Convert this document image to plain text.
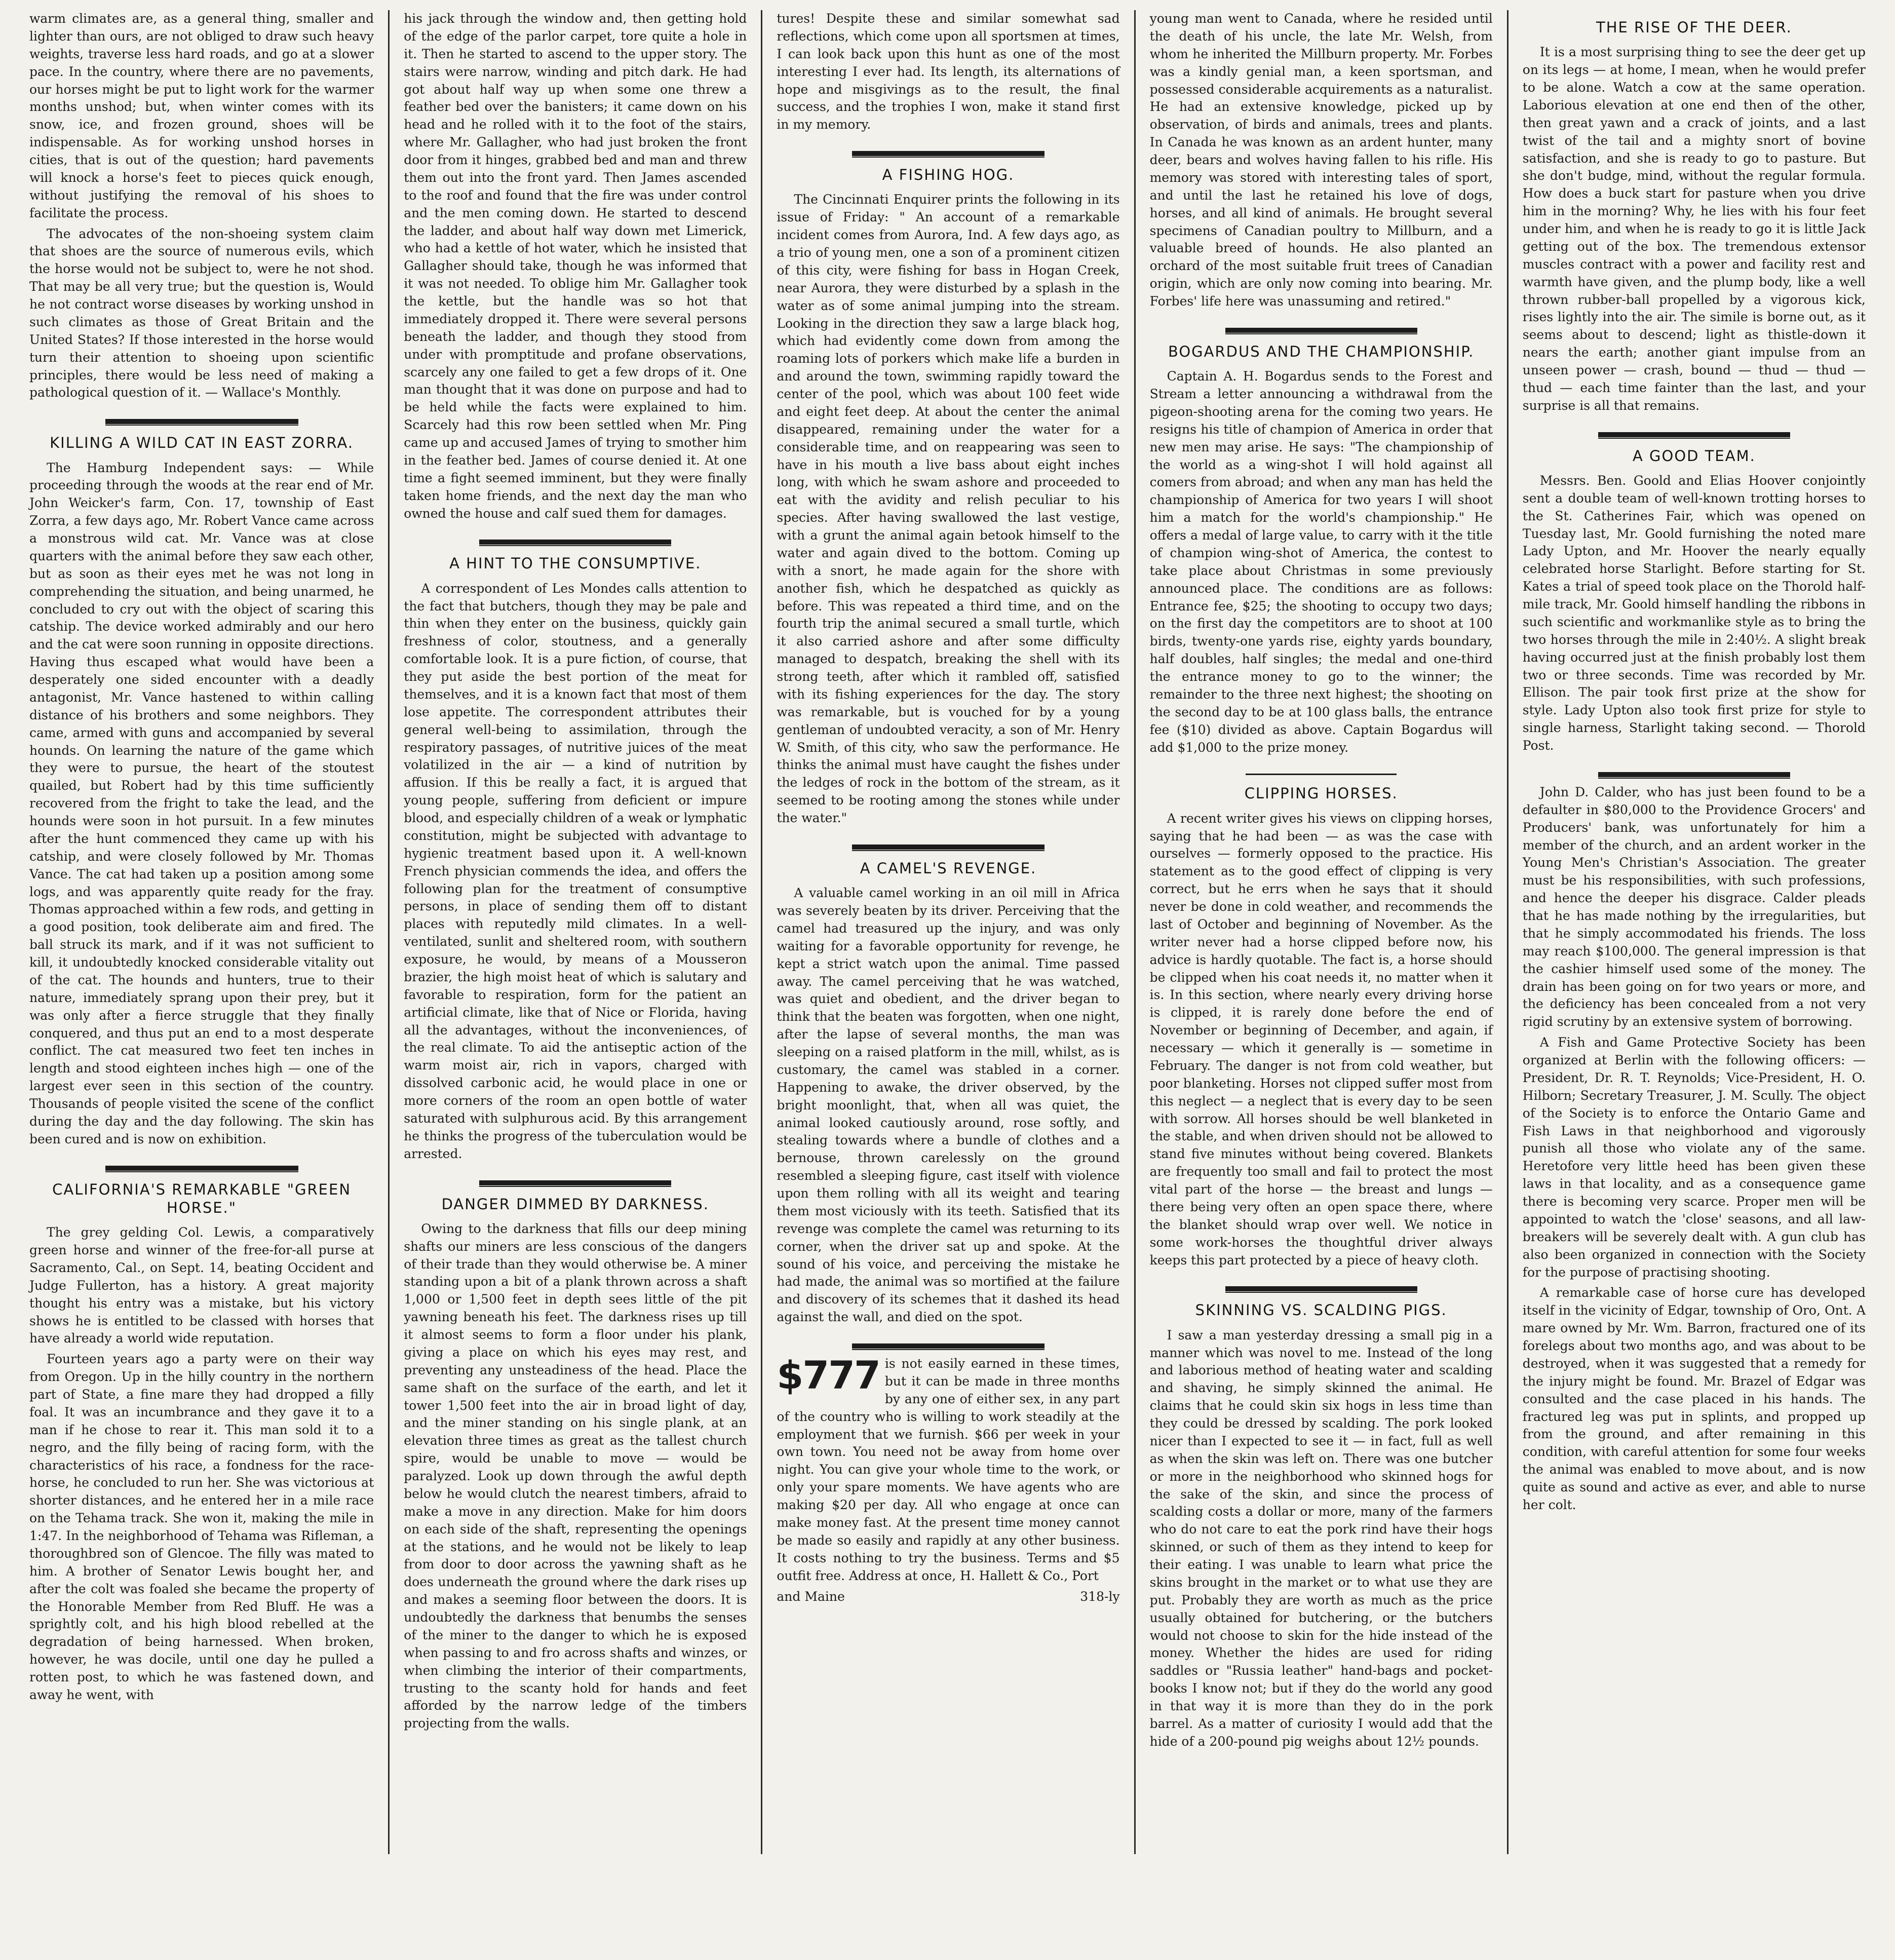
warm climates are, as a general thing, smaller and lighter than ours, are not obliged to draw such heavy weights, traverse less hard roads, and go at a slower pace. In the country, where there are no pavements, our horses might be put to light work for the warmer months unshod; but, when winter comes with its snow, ice, and frozen ground, shoes will be indispensable. As for working unshod horses in cities, that is out of the question; hard pavements will knock a horse's feet to pieces quick enough, without justifying the removal of his shoes to facilitate the process.

The advocates of the non-shoeing system claim that shoes are the source of numerous evils, which the horse would not be subject to, were he not shod. That may be all very true; but the question is, Would he not contract worse diseases by working unshod in such climates as those of Great Britain and the United States? If those interested in the horse would turn their attention to shoeing upon scientific principles, there would be less need of making a pathological question of it. — Wallace's Monthly.

KILLING A WILD CAT IN EAST ZORRA.

The Hamburg Independent says: — While proceeding through the woods at the rear end of Mr. John Weicker's farm, Con. 17, township of East Zorra, a few days ago, Mr. Robert Vance came across a monstrous wild cat. Mr. Vance was at close quarters with the animal before they saw each other, but as soon as their eyes met he was not long in comprehending the situation, and being unarmed, he concluded to cry out with the object of scaring this catship. The device worked admirably and our hero and the cat were soon running in opposite directions. Having thus escaped what would have been a desperately one sided encounter with a deadly antagonist, Mr. Vance hastened to within calling distance of his brothers and some neighbors. They came, armed with guns and accompanied by several hounds. On learning the nature of the game which they were to pursue, the heart of the stoutest quailed, but Robert had by this time sufficiently recovered from the fright to take the lead, and the hounds were soon in hot pursuit. In a few minutes after the hunt commenced they came up with his catship, and were closely followed by Mr. Thomas Vance. The cat had taken up a position among some logs, and was apparently quite ready for the fray. Thomas approached within a few rods, and getting in a good position, took deliberate aim and fired. The ball struck its mark, and if it was not sufficient to kill, it undoubtedly knocked considerable vitality out of the cat. The hounds and hunters, true to their nature, immediately sprang upon their prey, but it was only after a fierce struggle that they finally conquered, and thus put an end to a most desperate conflict. The cat measured two feet ten inches in length and stood eighteen inches high — one of the largest ever seen in this section of the country. Thousands of people visited the scene of the conflict during the day and the day following. The skin has been cured and is now on exhibition.

CALIFORNIA'S REMARKABLE "GREEN HORSE."

The grey gelding Col. Lewis, a comparatively green horse and winner of the free-for-all purse at Sacramento, Cal., on Sept. 14, beating Occident and Judge Fullerton, has a history. A great majority thought his entry was a mistake, but his victory shows he is entitled to be classed with horses that have already a world wide reputation.

Fourteen years ago a party were on their way from Oregon. Up in the hilly country in the northern part of State, a fine mare they had dropped a filly foal. It was an incumbrance and they gave it to a man if he chose to rear it. This man sold it to a negro, and the filly being of racing form, with the characteristics of his race, a fondness for the race-horse, he concluded to run her. She was victorious at shorter distances, and he entered her in a mile race on the Tehama track. She won it, making the mile in 1:47. In the neighborhood of Tehama was Rifleman, a thoroughbred son of Glencoe. The filly was mated to him. A brother of Senator Lewis bought her, and after the colt was foaled she became the property of the Honorable Member from Red Bluff. He was a sprightly colt, and his high blood rebelled at the degradation of being harnessed. When broken, however, he was docile, until one day he pulled a rotten post, to which he was fastened down, and away he went, with

his jack through the window and, then getting hold of the edge of the parlor carpet, tore quite a hole in it. Then he started to ascend to the upper story. The stairs were narrow, winding and pitch dark. He had got about half way up when some one threw a feather bed over the banisters; it came down on his head and he rolled with it to the foot of the stairs, where Mr. Gallagher, who had just broken the front door from it hinges, grabbed bed and man and threw them out into the front yard. Then James ascended to the roof and found that the fire was under control and the men coming down. He started to descend the ladder, and about half way down met Limerick, who had a kettle of hot water, which he insisted that Gallagher should take, though he was informed that it was not needed. To oblige him Mr. Gallagher took the kettle, but the handle was so hot that immediately dropped it. There were several persons beneath the ladder, and though they stood from under with promptitude and profane observations, scarcely any one failed to get a few drops of it. One man thought that it was done on purpose and had to be held while the facts were explained to him. Scarcely had this row been settled when Mr. Ping came up and accused James of trying to smother him in the feather bed. James of course denied it. At one time a fight seemed imminent, but they were finally taken home friends, and the next day the man who owned the house and calf sued them for damages.

A HINT TO THE CONSUMPTIVE.

A correspondent of Les Mondes calls attention to the fact that butchers, though they may be pale and thin when they enter on the business, quickly gain freshness of color, stoutness, and a generally comfortable look. It is a pure fiction, of course, that they put aside the best portion of the meat for themselves, and it is a known fact that most of them lose appetite. The correspondent attributes their general well-being to assimilation, through the respiratory passages, of nutritive juices of the meat volatilized in the air — a kind of nutrition by affusion. If this be really a fact, it is argued that young people, suffering from deficient or impure blood, and especially children of a weak or lymphatic constitution, might be subjected with advantage to hygienic treatment based upon it. A well-known French physician commends the idea, and offers the following plan for the treatment of consumptive persons, in place of sending them off to distant places with reputedly mild climates. In a well-ventilated, sunlit and sheltered room, with southern exposure, he would, by means of a Mousseron brazier, the high moist heat of which is salutary and favorable to respiration, form for the patient an artificial climate, like that of Nice or Florida, having all the advantages, without the inconveniences, of the real climate. To aid the antiseptic action of the warm moist air, rich in vapors, charged with dissolved carbonic acid, he would place in one or more corners of the room an open bottle of water saturated with sulphurous acid. By this arrangement he thinks the progress of the tuberculation would be arrested.

DANGER DIMMED BY DARKNESS.

Owing to the darkness that fills our deep mining shafts our miners are less conscious of the dangers of their trade than they would otherwise be. A miner standing upon a bit of a plank thrown across a shaft 1,000 or 1,500 feet in depth sees little of the pit yawning beneath his feet. The darkness rises up till it almost seems to form a floor under his plank, giving a place on which his eyes may rest, and preventing any unsteadiness of the head. Place the same shaft on the surface of the earth, and let it tower 1,500 feet into the air in broad light of day, and the miner standing on his single plank, at an elevation three times as great as the tallest church spire, would be unable to move — would be paralyzed. Look up down through the awful depth below he would clutch the nearest timbers, afraid to make a move in any direction. Make for him doors on each side of the shaft, representing the openings at the stations, and he would not be likely to leap from door to door across the yawning shaft as he does underneath the ground where the dark rises up and makes a seeming floor between the doors. It is undoubtedly the darkness that benumbs the senses of the miner to the danger to which he is exposed when passing to and fro across shafts and winzes, or when climbing the interior of their compartments, trusting to the scanty hold for hands and feet afforded by the narrow ledge of the timbers projecting from the walls.

tures! Despite these and similar somewhat sad reflections, which come upon all sportsmen at times, I can look back upon this hunt as one of the most interesting I ever had. Its length, its alternations of hope and misgivings as to the result, the final success, and the trophies I won, make it stand first in my memory.

A FISHING HOG.

The Cincinnati Enquirer prints the following in its issue of Friday: " An account of a remarkable incident comes from Aurora, Ind. A few days ago, as a trio of young men, one a son of a prominent citizen of this city, were fishing for bass in Hogan Creek, near Aurora, they were disturbed by a splash in the water as of some animal jumping into the stream. Looking in the direction they saw a large black hog, which had evidently come down from among the roaming lots of porkers which make life a burden in and around the town, swimming rapidly toward the center of the pool, which was about 100 feet wide and eight feet deep. At about the center the animal disappeared, remaining under the water for a considerable time, and on reappearing was seen to have in his mouth a live bass about eight inches long, with which he swam ashore and proceeded to eat with the avidity and relish peculiar to his species. After having swallowed the last vestige, with a grunt the animal again betook himself to the water and again dived to the bottom. Coming up with a snort, he made again for the shore with another fish, which he despatched as quickly as before. This was repeated a third time, and on the fourth trip the animal secured a small turtle, which it also carried ashore and after some difficulty managed to despatch, breaking the shell with its strong teeth, after which it rambled off, satisfied with its fishing experiences for the day. The story was remarkable, but is vouched for by a young gentleman of undoubted veracity, a son of Mr. Henry W. Smith, of this city, who saw the performance. He thinks the animal must have caught the fishes under the ledges of rock in the bottom of the stream, as it seemed to be rooting among the stones while under the water."

A CAMEL'S REVENGE.

A valuable camel working in an oil mill in Africa was severely beaten by its driver. Perceiving that the camel had treasured up the injury, and was only waiting for a favorable opportunity for revenge, he kept a strict watch upon the animal. Time passed away. The camel perceiving that he was watched, was quiet and obedient, and the driver began to think that the beaten was forgotten, when one night, after the lapse of several months, the man was sleeping on a raised platform in the mill, whilst, as is customary, the camel was stabled in a corner. Happening to awake, the driver observed, by the bright moonlight, that, when all was quiet, the animal looked cautiously around, rose softly, and stealing towards where a bundle of clothes and a bernouse, thrown carelessly on the ground resembled a sleeping figure, cast itself with violence upon them rolling with all its weight and tearing them most viciously with its teeth. Satisfied that its revenge was complete the camel was returning to its corner, when the driver sat up and spoke. At the sound of his voice, and perceiving the mistake he had made, the animal was so mortified at the failure and discovery of its schemes that it dashed its head against the wall, and died on the spot.

$777 is not easily earned in these times, but it can be made in three months by any one of either sex, in any part of the country who is willing to work steadily at the employment that we furnish. $66 per week in your own town. You need not be away from home over night. You can give your whole time to the work, or only your spare moments. We have agents who are making $20 per day. All who engage at once can make money fast. At the present time money cannot be made so easily and rapidly at any other business. It costs nothing to try the business. Terms and $5 outfit free. Address at once, H. Hallett & Co., Port

and Maine	318-ly

young man went to Canada, where he resided until the death of his uncle, the late Mr. Welsh, from whom he inherited the Millburn property. Mr. Forbes was a kindly genial man, a keen sportsman, and possessed considerable acquirements as a naturalist. He had an extensive knowledge, picked up by observation, of birds and animals, trees and plants. In Canada he was known as an ardent hunter, many deer, bears and wolves having fallen to his rifle. His memory was stored with interesting tales of sport, and until the last he retained his love of dogs, horses, and all kind of animals. He brought several specimens of Canadian poultry to Millburn, and a valuable breed of hounds. He also planted an orchard of the most suitable fruit trees of Canadian origin, which are only now coming into bearing. Mr. Forbes' life here was unassuming and retired."

BOGARDUS AND THE CHAMPIONSHIP.

Captain A. H. Bogardus sends to the Forest and Stream a letter announcing a withdrawal from the pigeon-shooting arena for the coming two years. He resigns his title of champion of America in order that new men may arise. He says: "The championship of the world as a wing-shot I will hold against all comers from abroad; and when any man has held the championship of America for two years I will shoot him a match for the world's championship." He offers a medal of large value, to carry with it the title of champion wing-shot of America, the contest to take place about Christmas in some previously announced place. The conditions are as follows: Entrance fee, $25; the shooting to occupy two days; on the first day the competitors are to shoot at 100 birds, twenty-one yards rise, eighty yards boundary, half doubles, half singles; the medal and one-third the entrance money to go to the winner; the remainder to the three next highest; the shooting on the second day to be at 100 glass balls, the entrance fee ($10) divided as above. Captain Bogardus will add $1,000 to the prize money.

CLIPPING HORSES.

A recent writer gives his views on clipping horses, saying that he had been — as was the case with ourselves — formerly opposed to the practice. His statement as to the good effect of clipping is very correct, but he errs when he says that it should never be done in cold weather, and recommends the last of October and beginning of November. As the writer never had a horse clipped before now, his advice is hardly quotable. The fact is, a horse should be clipped when his coat needs it, no matter when it is. In this section, where nearly every driving horse is clipped, it is rarely done before the end of November or beginning of December, and again, if necessary — which it generally is — sometime in February. The danger is not from cold weather, but poor blanketing. Horses not clipped suffer most from this neglect — a neglect that is every day to be seen with sorrow. All horses should be well blanketed in the stable, and when driven should not be allowed to stand five minutes without being covered. Blankets are frequently too small and fail to protect the most vital part of the horse — the breast and lungs — there being very often an open space there, where the blanket should wrap over well. We notice in some work-horses the thoughtful driver always keeps this part protected by a piece of heavy cloth.

SKINNING VS. SCALDING PIGS.

I saw a man yesterday dressing a small pig in a manner which was novel to me. Instead of the long and laborious method of heating water and scalding and shaving, he simply skinned the animal. He claims that he could skin six hogs in less time than they could be dressed by scalding. The pork looked nicer than I expected to see it — in fact, full as well as when the skin was left on. There was one butcher or more in the neighborhood who skinned hogs for the sake of the skin, and since the process of scalding costs a dollar or more, many of the farmers who do not care to eat the pork rind have their hogs skinned, or such of them as they intend to keep for their eating. I was unable to learn what price the skins brought in the market or to what use they are put. Probably they are worth as much as the price usually obtained for butchering, or the butchers would not choose to skin for the hide instead of the money. Whether the hides are used for riding saddles or "Russia leather" hand-bags and pocket-books I know not; but if they do the world any good in that way it is more than they do in the pork barrel. As a matter of curiosity I would add that the hide of a 200-pound pig weighs about 12½ pounds.

THE RISE OF THE DEER.

It is a most surprising thing to see the deer get up on its legs — at home, I mean, when he would prefer to be alone. Watch a cow at the same operation. Laborious elevation at one end then of the other, then great yawn and a crack of joints, and a last twist of the tail and a mighty snort of bovine satisfaction, and she is ready to go to pasture. But she don't budge, mind, without the regular formula. How does a buck start for pasture when you drive him in the morning? Why, he lies with his four feet under him, and when he is ready to go it is little Jack getting out of the box. The tremendous extensor muscles contract with a power and facility rest and warmth have given, and the plump body, like a well thrown rubber-ball propelled by a vigorous kick, rises lightly into the air. The simile is borne out, as it seems about to descend; light as thistle-down it nears the earth; another giant impulse from an unseen power — crash, bound — thud — thud — thud — each time fainter than the last, and your surprise is all that remains.

A GOOD TEAM.

Messrs. Ben. Goold and Elias Hoover conjointly sent a double team of well-known trotting horses to the St. Catherines Fair, which was opened on Tuesday last, Mr. Goold furnishing the noted mare Lady Upton, and Mr. Hoover the nearly equally celebrated horse Starlight. Before starting for St. Kates a trial of speed took place on the Thorold half-mile track, Mr. Goold himself handling the ribbons in such scientific and workmanlike style as to bring the two horses through the mile in 2:40½. A slight break having occurred just at the finish probably lost them two or three seconds. Time was recorded by Mr. Ellison. The pair took first prize at the show for style. Lady Upton also took first prize for style to single harness, Starlight taking second. — Thorold Post.

John D. Calder, who has just been found to be a defaulter in $80,000 to the Providence Grocers' and Producers' bank, was unfortunately for him a member of the church, and an ardent worker in the Young Men's Christian's Association. The greater must be his responsibilities, with such professions, and hence the deeper his disgrace. Calder pleads that he has made nothing by the irregularities, but that he simply accommodated his friends. The loss may reach $100,000. The general impression is that the cashier himself used some of the money. The drain has been going on for two years or more, and the deficiency has been concealed from a not very rigid scrutiny by an extensive system of borrowing.

A Fish and Game Protective Society has been organized at Berlin with the following officers: — President, Dr. R. T. Reynolds; Vice-President, H. O. Hilborn; Secretary Treasurer, J. M. Scully. The object of the Society is to enforce the Ontario Game and Fish Laws in that neighborhood and vigorously punish all those who violate any of the same. Heretofore very little heed has been given these laws in that locality, and as a consequence game there is becoming very scarce. Proper men will be appointed to watch the 'close' seasons, and all law-breakers will be severely dealt with. A gun club has also been organized in connection with the Society for the purpose of practising shooting.

A remarkable case of horse cure has developed itself in the vicinity of Edgar, township of Oro, Ont. A mare owned by Mr. Wm. Barron, fractured one of its forelegs about two months ago, and was about to be destroyed, when it was suggested that a remedy for the injury might be found. Mr. Brazel of Edgar was consulted and the case placed in his hands. The fractured leg was put in splints, and propped up from the ground, and after remaining in this condition, with careful attention for some four weeks the animal was enabled to move about, and is now quite as sound and active as ever, and able to nurse her colt.
